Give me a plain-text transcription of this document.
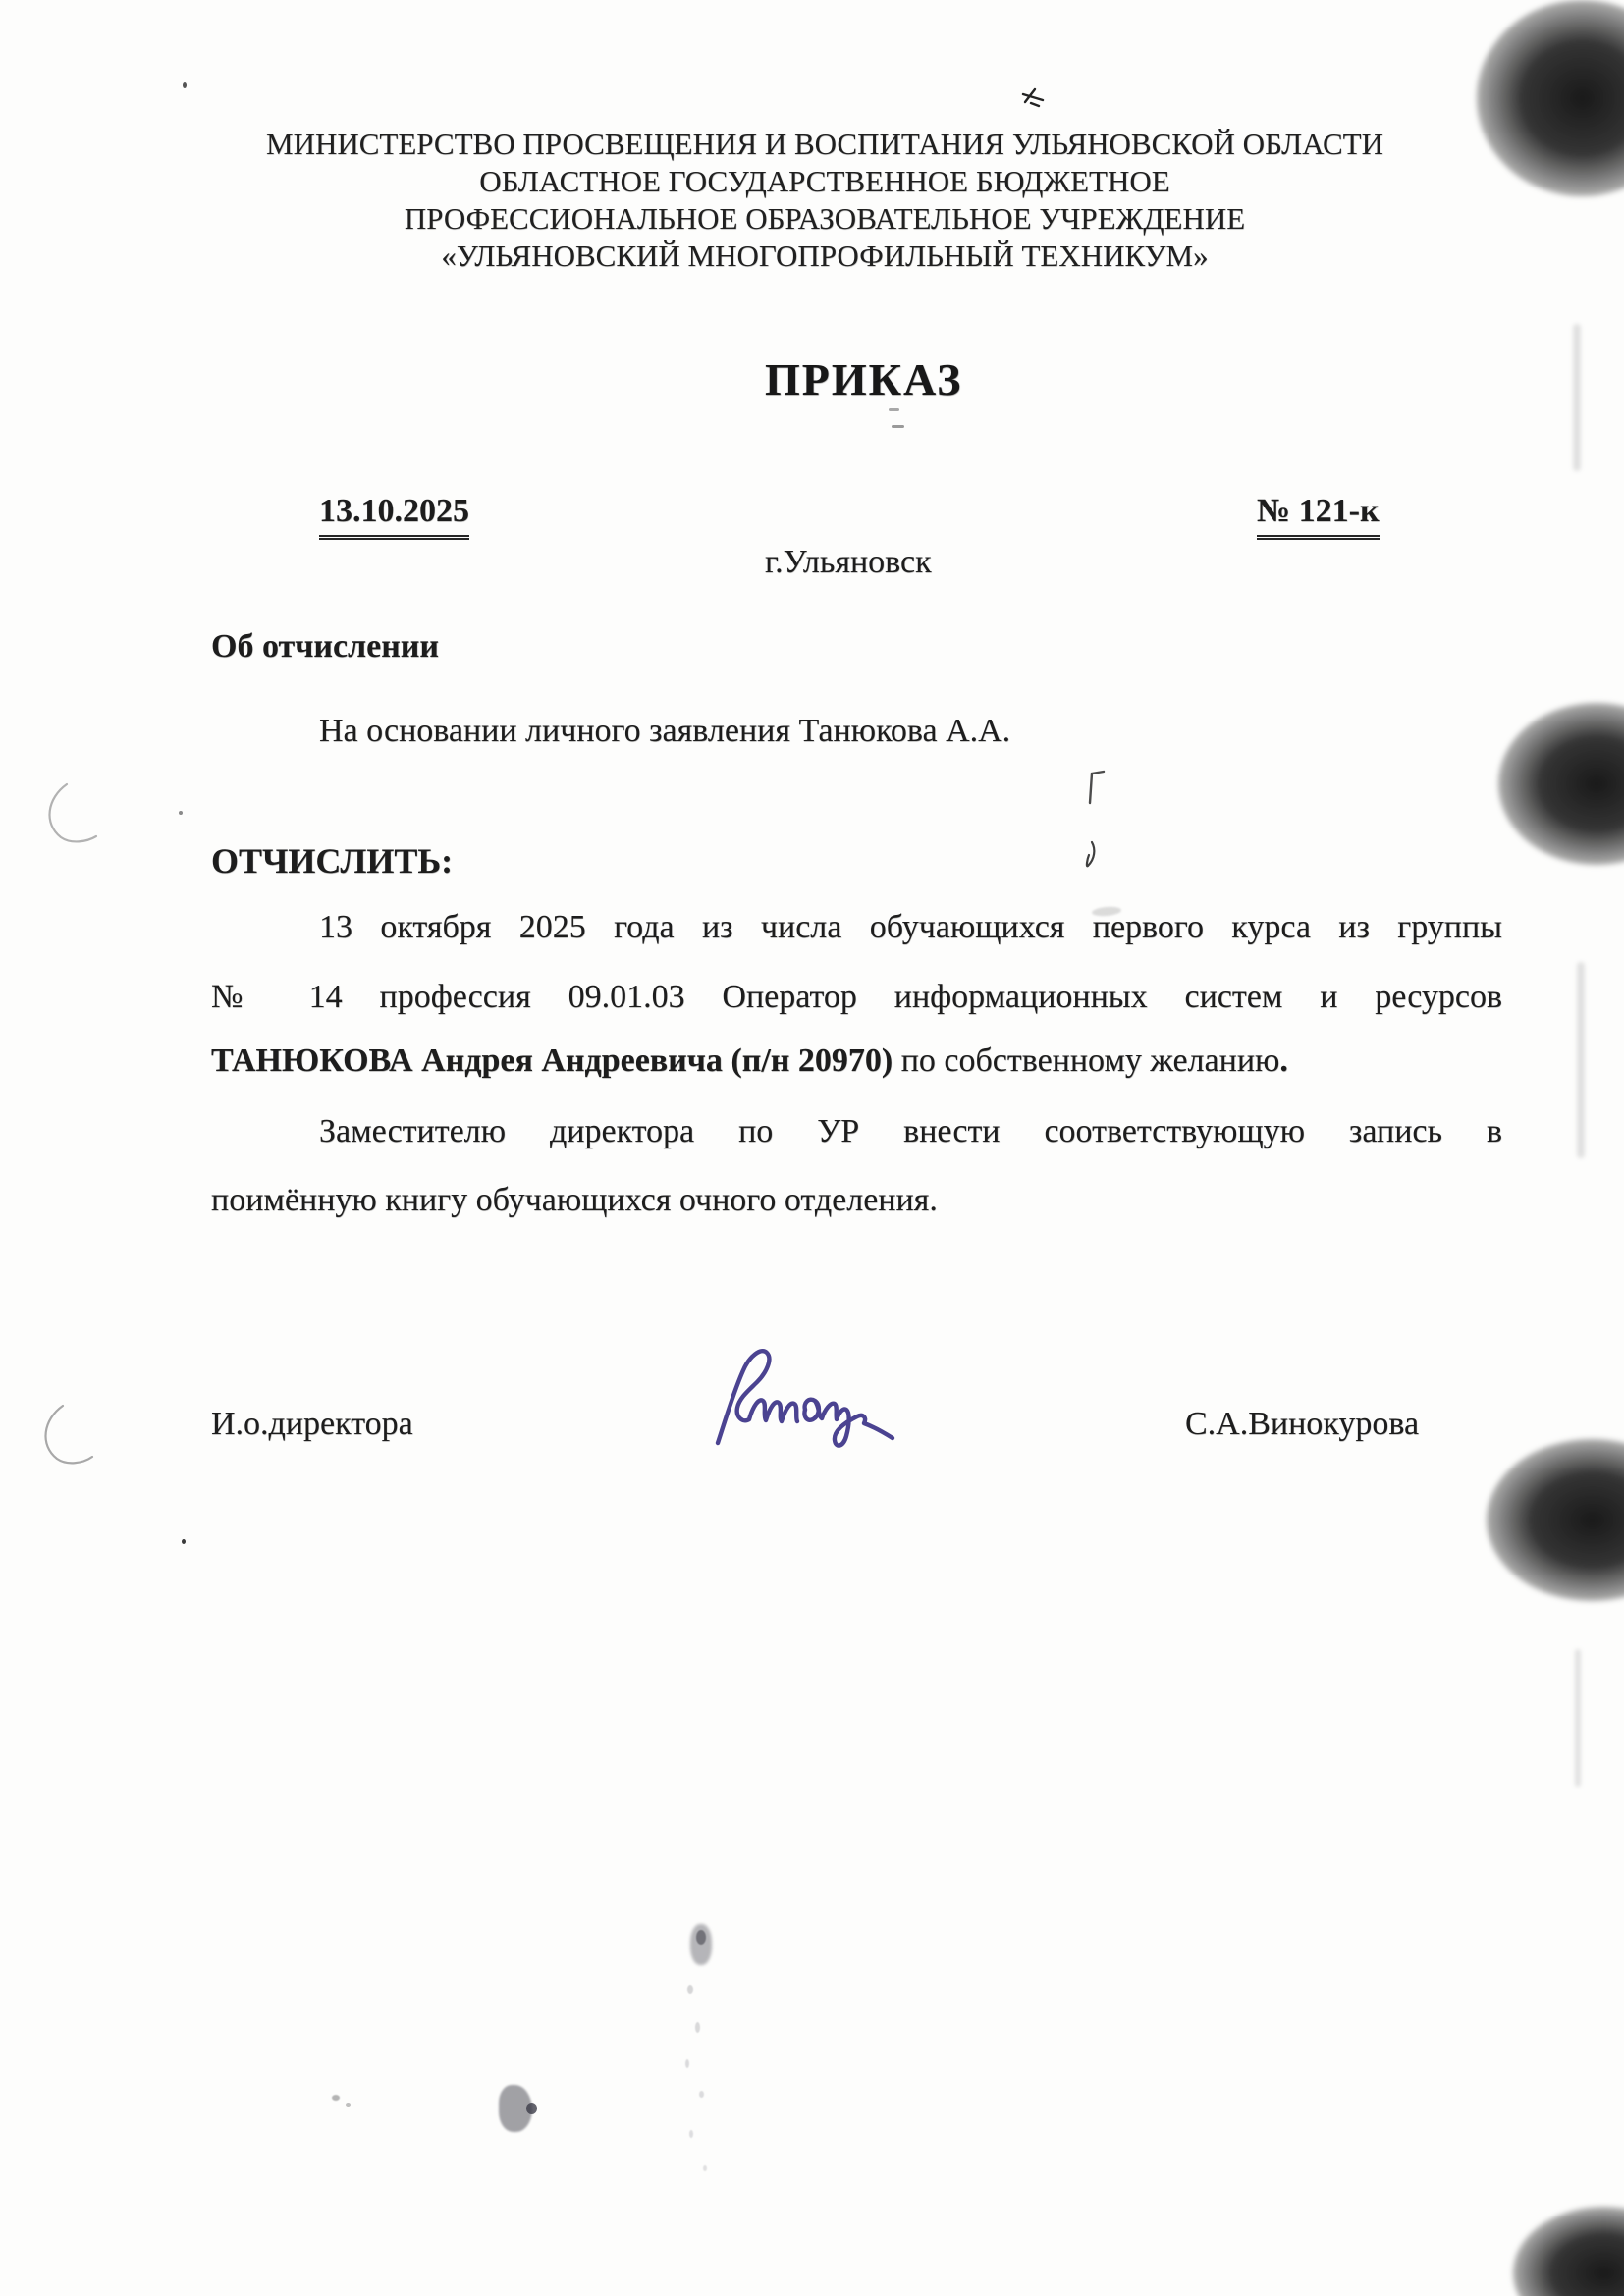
МИНИСТЕРСТВО ПРОСВЕЩЕНИЯ И ВОСПИТАНИЯ УЛЬЯНОВСКОЙ ОБЛАСТИ
ОБЛАСТНОЕ ГОСУДАРСТВЕННОЕ БЮДЖЕТНОЕ
ПРОФЕССИОНАЛЬНОЕ ОБРАЗОВАТЕЛЬНОЕ УЧРЕЖДЕНИЕ
«УЛЬЯНОВСКИЙ МНОГОПРОФИЛЬНЫЙ ТЕХНИКУМ»
ПРИКАЗ
13.10.2025	№ 121-к
г.Ульяновск
Об отчислении
На основании личного заявления Танюкова А.А.
ОТЧИСЛИТЬ:
13 октября 2025 года из числа обучающихся первого курса из группы
№ 14 профессия 09.01.03 Оператор информационных систем и ресурсов
ТАНЮКОВА Андрея Андреевича (п/н 20970) по собственному желанию.
Заместителю директора по УР внести соответствующую запись в
поимённую книгу обучающихся очного отделения.
И.о.директора	С.А.Винокурова
